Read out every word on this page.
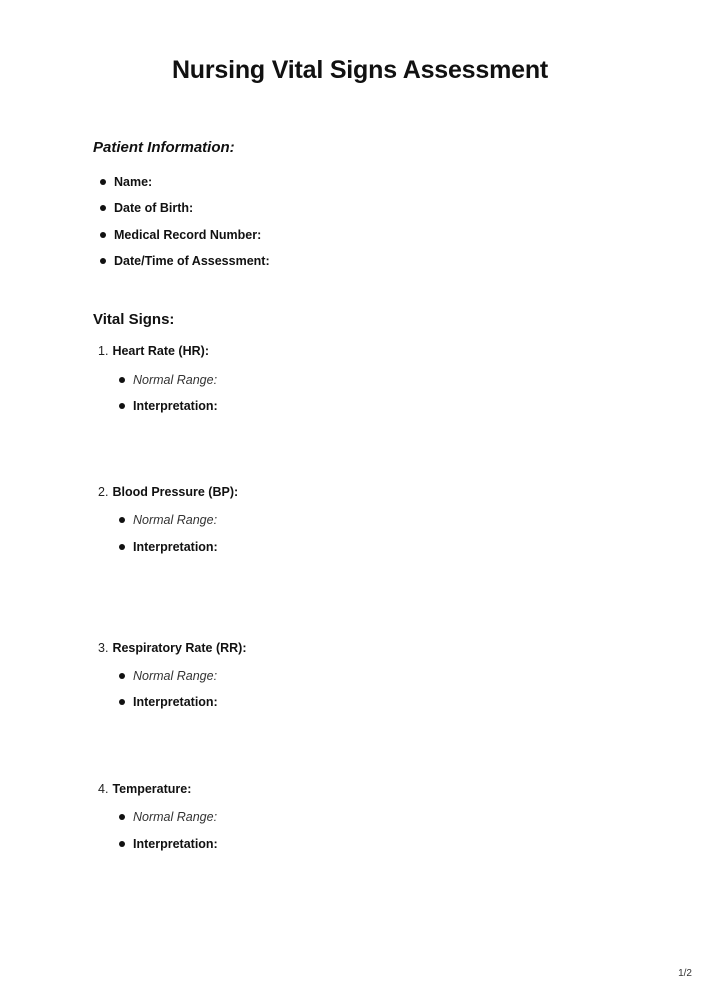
Nursing Vital Signs Assessment
Patient Information:
Name:
Date of Birth:
Medical Record Number:
Date/Time of Assessment:
Vital Signs:
1. Heart Rate (HR):
Normal Range:
Interpretation:
2. Blood Pressure (BP):
Normal Range:
Interpretation:
3. Respiratory Rate (RR):
Normal Range:
Interpretation:
4. Temperature:
Normal Range:
Interpretation:
1/2
